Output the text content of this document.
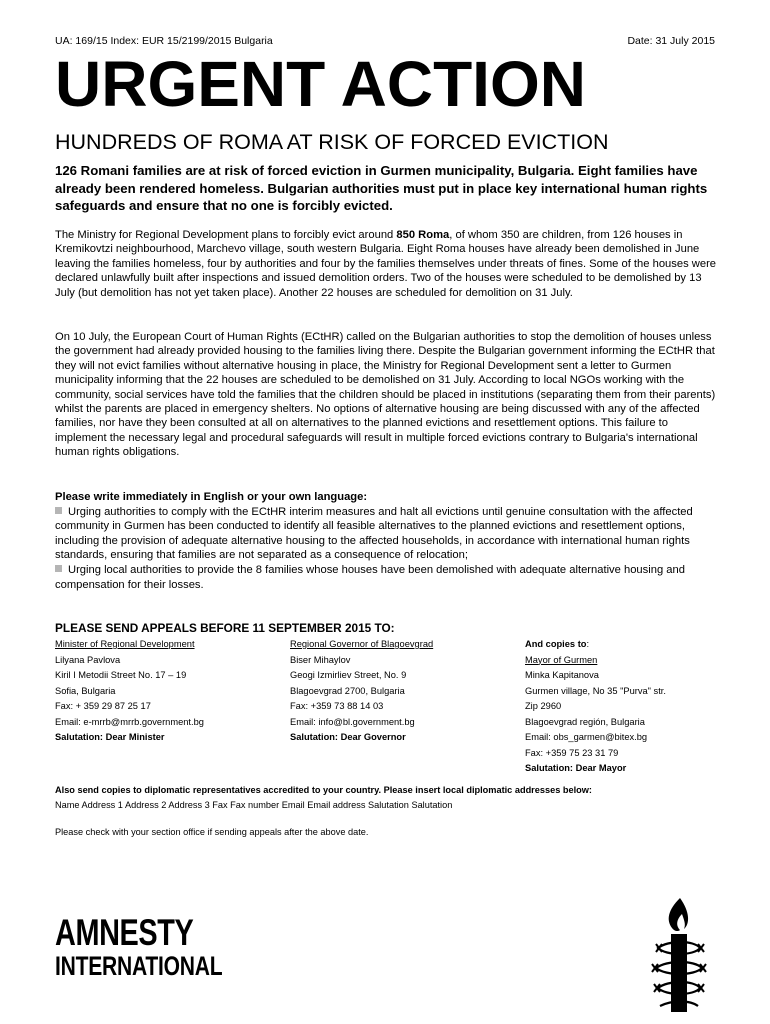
UA: 169/15 Index: EUR 15/2199/2015 Bulgaria	Date: 31 July 2015
URGENT ACTION
HUNDREDS OF ROMA AT RISK OF FORCED EVICTION
126 Romani families are at risk of forced eviction in Gurmen municipality, Bulgaria. Eight families have already been rendered homeless. Bulgarian authorities must put in place key international human rights safeguards and ensure that no one is forcibly evicted.
The Ministry for Regional Development plans to forcibly evict around 850 Roma, of whom 350 are children, from 126 houses in Kremikovtzi neighbourhood, Marchevo village, south western Bulgaria. Eight Roma houses have already been demolished in June leaving the families homeless, four by authorities and four by the families themselves under threats of fines. Some of the houses were declared unlawfully built after inspections and issued demolition orders. Two of the houses were scheduled to be demolished by 13 July (but demolition has not yet taken place). Another 22 houses are scheduled for demolition on 31 July.
On 10 July, the European Court of Human Rights (ECtHR) called on the Bulgarian authorities to stop the demolition of houses unless the government had already provided housing to the families living there. Despite the Bulgarian government informing the ECtHR that they will not evict families without alternative housing in place, the Ministry for Regional Development sent a letter to Gurmen municipality informing that the 22 houses are scheduled to be demolished on 31 July. According to local NGOs working with the community, social services have told the families that the children should be placed in institutions (separating them from their parents) whilst the parents are placed in emergency shelters. No options of alternative housing are being discussed with any of the affected families, nor have they been consulted at all on alternatives to the planned evictions and resettlement options. This failure to implement the necessary legal and procedural safeguards will result in multiple forced evictions contrary to Bulgaria's international human rights obligations.
Please write immediately in English or your own language:
Urging authorities to comply with the ECtHR interim measures and halt all evictions until genuine consultation with the affected community in Gurmen has been conducted to identify all feasible alternatives to the planned evictions and resettlement options, including the provision of adequate alternative housing to the affected households, in accordance with international human rights standards, ensuring that families are not separated as a consequence of relocation;
Urging local authorities to provide the 8 families whose houses have been demolished with adequate alternative housing and compensation for their losses.
PLEASE SEND APPEALS BEFORE 11 SEPTEMBER 2015 TO:
Minister of Regional Development
Lilyana Pavlova
Kiril I Metodii Street No. 17 – 19
Sofia, Bulgaria
Fax: + 359 29 87 25 17
Email: e-mrrb@mrrb.government.bg
Salutation: Dear Minister
Regional Governor of Blagoevgrad
Biser Mihaylov
Geogi Izmirliev Street, No. 9
Blagoevgrad 2700, Bulgaria
Fax: +359 73 88 14 03
Email: info@bl.government.bg
Salutation: Dear Governor
And copies to:
Mayor of Gurmen
Minka Kapitanova
Gurmen village, No 35 "Purva" str.
Zip 2960
Blagoevgrad región, Bulgaria
Email: obs_garmen@bitex.bg
Fax: +359 75 23 31 79
Salutation: Dear Mayor
Also send copies to diplomatic representatives accredited to your country. Please insert local diplomatic addresses below:
Name Address 1 Address 2 Address 3 Fax Fax number Email Email address Salutation Salutation
Please check with your section office if sending appeals after the above date.
AMNESTY
INTERNATIONAL
